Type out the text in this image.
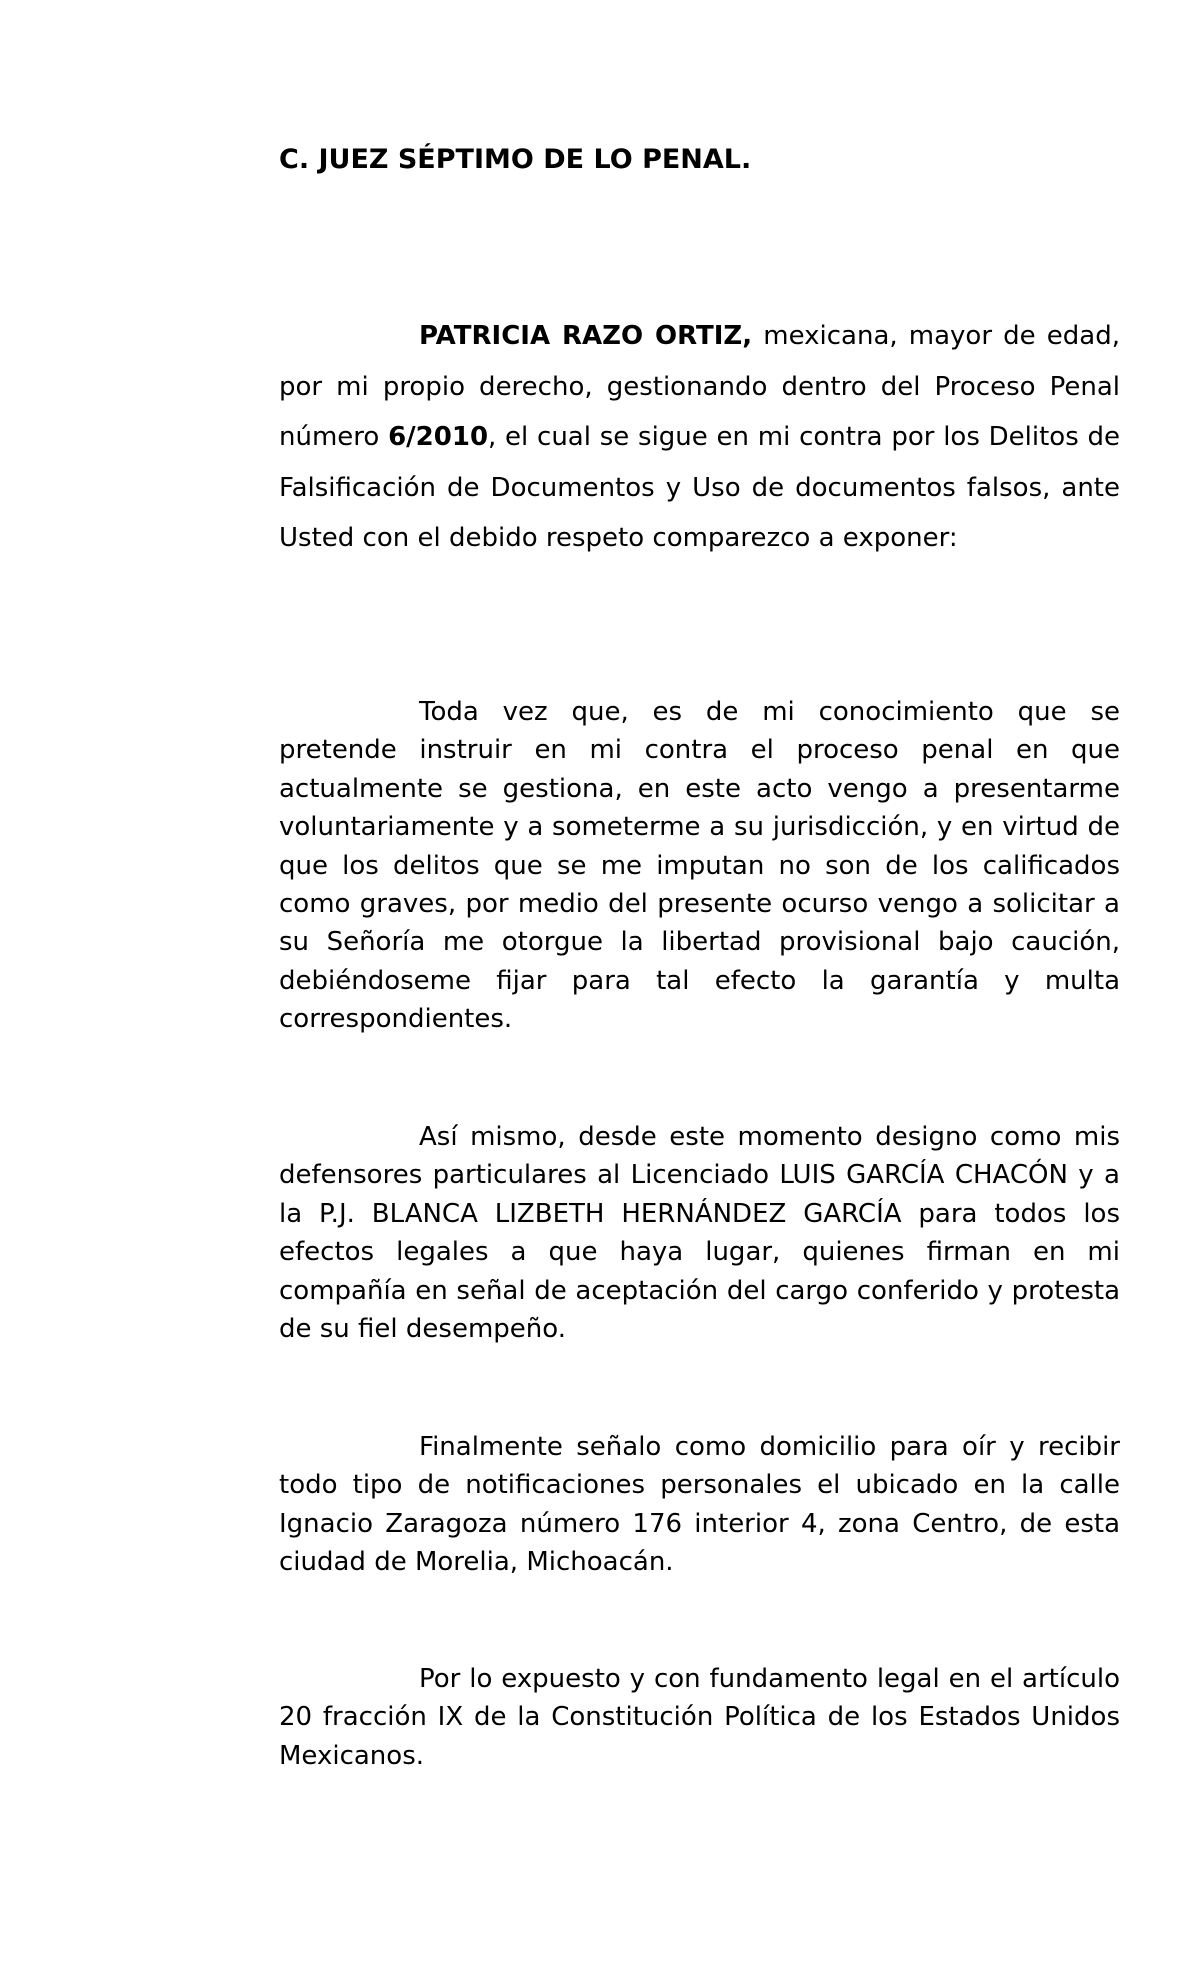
C. JUEZ SÉPTIMO DE LO PENAL.

PATRICIA RAZO ORTIZ, mexicana, mayor de edad, por mi propio derecho, gestionando dentro del Proceso Penal número 6/2010, el cual se sigue en mi contra por los Delitos de Falsificación de Documentos y Uso de documentos falsos, ante Usted con el debido respeto comparezco a exponer:

Toda vez que, es de mi conocimiento que se pretende instruir en mi contra el proceso penal en que actualmente se gestiona, en este acto vengo a presentarme voluntariamente y a someterme a su jurisdicción, y en virtud de que los delitos que se me imputan no son de los calificados como graves, por medio del presente ocurso vengo a solicitar a su Señoría me otorgue la libertad provisional bajo caución, debiéndoseme fijar para tal efecto la garantía y multa correspondientes.

Así mismo, desde este momento designo como mis defensores particulares al Licenciado LUIS GARCÍA CHACÓN y a la P.J. BLANCA LIZBETH HERNÁNDEZ GARCÍA para todos los efectos legales a que haya lugar, quienes firman en mi compañía en señal de aceptación del cargo conferido y protesta de su fiel desempeño.

Finalmente señalo como domicilio para oír y recibir todo tipo de notificaciones personales el ubicado en la calle Ignacio Zaragoza número 176 interior 4, zona Centro, de esta ciudad de Morelia, Michoacán.

Por lo expuesto y con fundamento legal en el artículo 20 fracción IX de la Constitución Política de los Estados Unidos Mexicanos.
